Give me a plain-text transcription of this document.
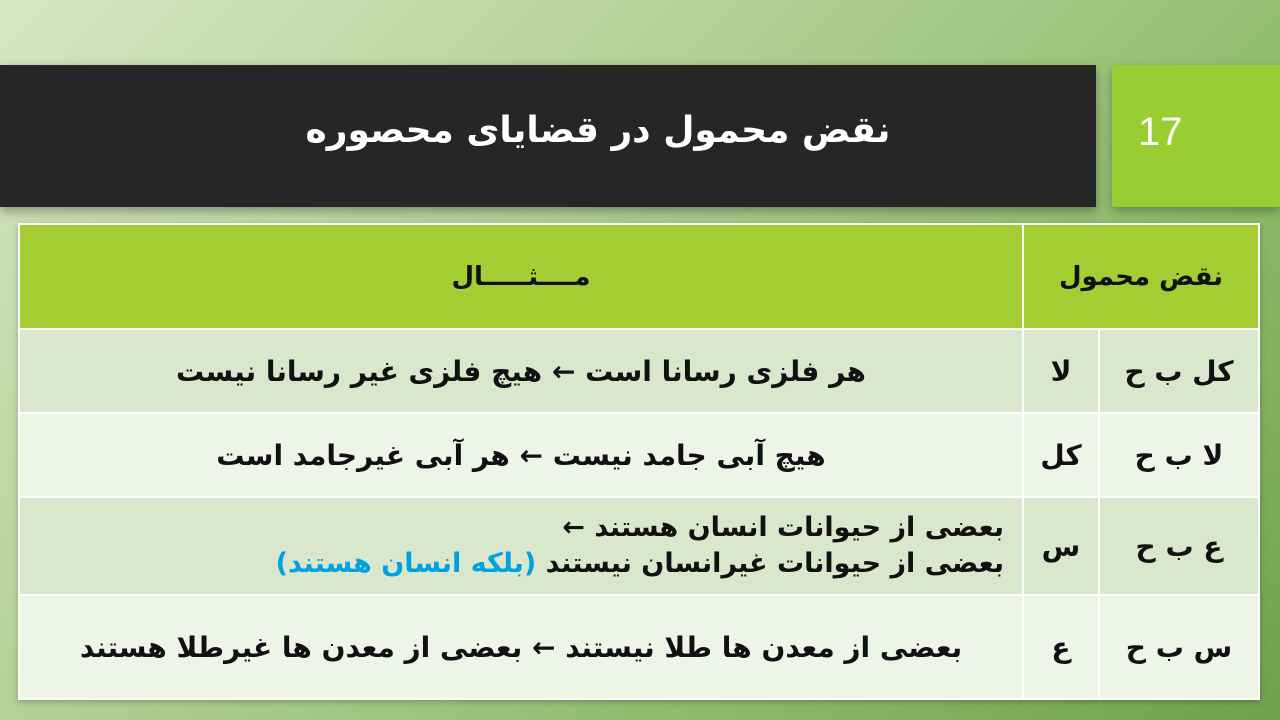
نقض محمول در قضایای محصوره	17
نقض محمول		مــــثـــــال
کل ب ح	لا	هر فلزی رسانا است ← هیچ فلزی غیر رسانا نیست
لا ب ح	کل	هیچ آبی جامد نیست ← هر آبی غیرجامد است
ع ب ح	س	بعضی از حیوانات انسان هستند ←
بعضی از حیوانات غیرانسان نیستند (بلکه انسان هستند)

س ب ح	ع	بعضی از معدن ها طلا نیستند ← بعضی از معدن ها غیرطلا هستند
